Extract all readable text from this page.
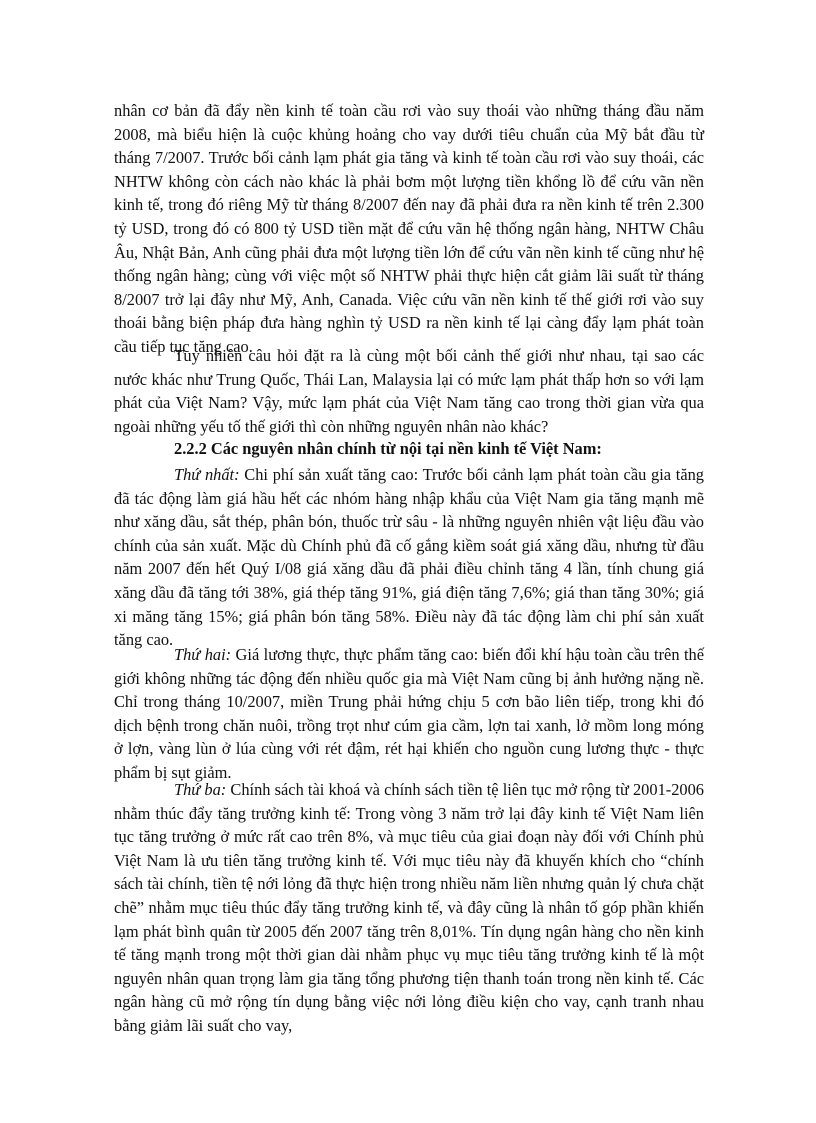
nhân cơ bản đã đẩy nền kinh tế toàn cầu rơi vào suy thoái vào những tháng đầu năm 2008, mà biểu hiện là cuộc khủng hoảng cho vay dưới tiêu chuẩn của Mỹ bắt đầu từ tháng 7/2007. Trước bối cảnh lạm phát gia tăng và kinh tế toàn cầu rơi vào suy thoái, các NHTW không còn cách nào khác là phải bơm một lượng tiền khổng lồ để cứu vãn nền kinh tế, trong đó riêng Mỹ từ tháng 8/2007 đến nay đã phải đưa ra nền kinh tế trên 2.300 tỷ USD, trong đó có 800 tỷ USD tiền mặt để cứu vãn hệ thống ngân hàng, NHTW Châu Âu, Nhật Bản, Anh cũng phải đưa một lượng tiền lớn để cứu vãn nền kinh tế cũng như hệ thống ngân hàng; cùng với việc một số NHTW phải thực hiện cắt giảm lãi suất từ tháng 8/2007 trở lại đây như Mỹ, Anh, Canada. Việc cứu vãn nền kinh tế thế giới rơi vào suy thoái bằng biện pháp đưa hàng nghìn tỷ USD ra nền kinh tế lại càng đẩy lạm phát toàn cầu tiếp tục tăng cao.

Tuy nhiên câu hỏi đặt ra là cùng một bối cảnh thế giới như nhau, tại sao các nước khác như Trung Quốc, Thái Lan, Malaysia lại có mức lạm phát thấp hơn so với lạm phát của Việt Nam? Vậy, mức lạm phát của Việt Nam tăng cao trong thời gian vừa qua ngoài những yếu tố thế giới thì còn những nguyên nhân nào khác?

2.2.2 Các nguyên nhân chính từ nội tại nền kinh tế Việt Nam:

Thứ nhất: Chi phí sản xuất tăng cao: Trước bối cảnh lạm phát toàn cầu gia tăng đã tác động làm giá hầu hết các nhóm hàng nhập khẩu của Việt Nam gia tăng mạnh mẽ như xăng dầu, sắt thép, phân bón, thuốc trừ sâu - là những nguyên nhiên vật liệu đầu vào chính của sản xuất. Mặc dù Chính phủ đã cố gắng kiềm soát giá xăng dầu, nhưng từ đầu năm 2007 đến hết Quý I/08 giá xăng dầu đã phải điều chỉnh tăng 4 lần, tính chung giá xăng dầu đã tăng tới 38%, giá thép tăng 91%, giá điện tăng 7,6%; giá than tăng 30%; giá xi măng tăng 15%; giá phân bón tăng 58%. Điều này đã tác động làm chi phí sản xuất tăng cao.

Thứ hai: Giá lương thực, thực phẩm tăng cao: biến đổi khí hậu toàn cầu trên thế giới không những tác động đến nhiều quốc gia mà Việt Nam cũng bị ảnh hưởng nặng nề. Chỉ trong tháng 10/2007, miền Trung phải hứng chịu 5 cơn bão liên tiếp, trong khi đó dịch bệnh trong chăn nuôi, trồng trọt như cúm gia cầm, lợn tai xanh, lở mồm long móng ở lợn, vàng lùn ở lúa cùng với rét đậm, rét hại khiến cho nguồn cung lương thực - thực phẩm bị sụt giảm.

Thứ ba: Chính sách tài khoá và chính sách tiền tệ liên tục mở rộng từ 2001-2006 nhằm thúc đẩy tăng trưởng kinh tế: Trong vòng 3 năm trở lại đây kinh tế Việt Nam liên tục tăng trưởng ở mức rất cao trên 8%, và mục tiêu của giai đoạn này đối với Chính phủ Việt Nam là ưu tiên tăng trưởng kinh tế. Với mục tiêu này đã khuyến khích cho “chính sách tài chính, tiền tệ nới lỏng đã thực hiện trong nhiều năm liền nhưng quản lý chưa chặt chẽ” nhằm mục tiêu thúc đẩy tăng trưởng kinh tế, và đây cũng là nhân tố góp phần khiến lạm phát bình quân từ 2005 đến 2007 tăng trên 8,01%. Tín dụng ngân hàng cho nền kinh tế tăng mạnh trong một thời gian dài nhằm phục vụ mục tiêu tăng trưởng kinh tế là một nguyên nhân quan trọng làm gia tăng tổng phương tiện thanh toán trong nền kinh tế. Các ngân hàng cũ mở rộng tín dụng bằng việc nới lỏng điều kiện cho vay, cạnh tranh nhau bằng giảm lãi suất cho vay,
